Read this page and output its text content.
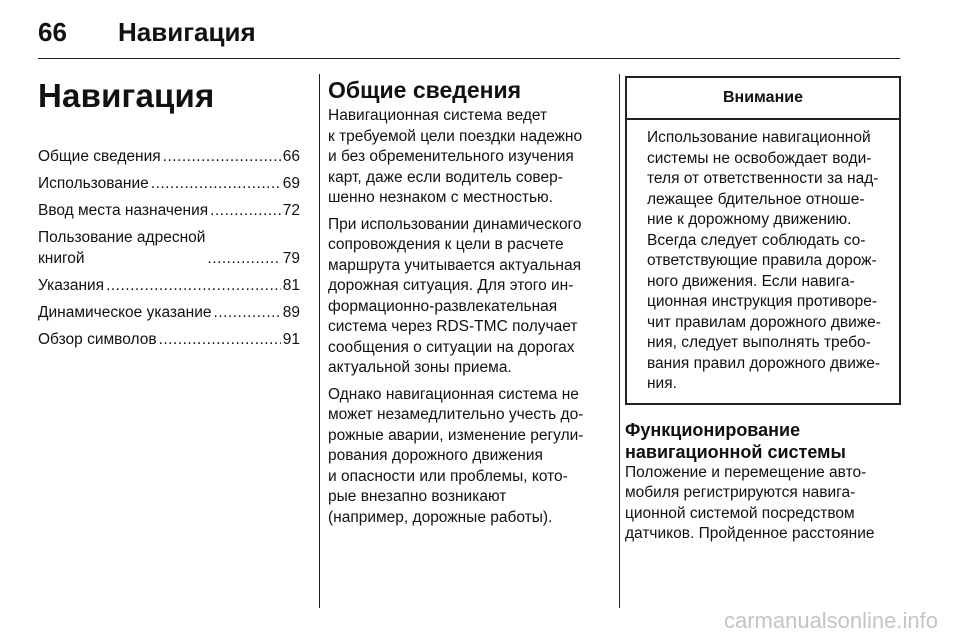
66 Навигация
Навигация
Общие сведения .....	66
Использование .....	69
Ввод места назначения .....	72
Пользование адресной
книгой .....	79
Указания .....	81
Динамическое указание .....	89
Обзор символов .....	91
Общие сведения

Навигационная система ведет
к требуемой цели поездки надежно
и без обременительного изучения
карт, даже если водитель совер-
шенно незнаком с местностью.

При использовании динамического
сопровождения к цели в расчете
маршрута учитывается актуальная
дорожная ситуация. Для этого ин-
формационно-развлекательная
система через RDS-TMC получает
сообщения о ситуации на дорогах
актуальной зоны приема.

Однако навигационная система не
может незамедлительно учесть до-
рожные аварии, изменение регули-
рования дорожного движения
и опасности или проблемы, кото-
рые внезапно возникают
(например, дорожные работы).

Внимание
Использование навигационной
системы не освобождает води-
теля от ответственности за над-
лежащее бдительное отноше-
ние к дорожному движению.
Всегда следует соблюдать со-
ответствующие правила дорож-
ного движения. Если навига-
ционная инструкция противоре-
чит правилам дорожного движе-
ния, следует выполнять требо-
вания правил дорожного движе-
ния.
Функционирование
навигационной системы

Положение и перемещение авто-
мобиля регистрируются навига-
ционной системой посредством
датчиков. Пройденное расстояние

carmanualsonline.info
